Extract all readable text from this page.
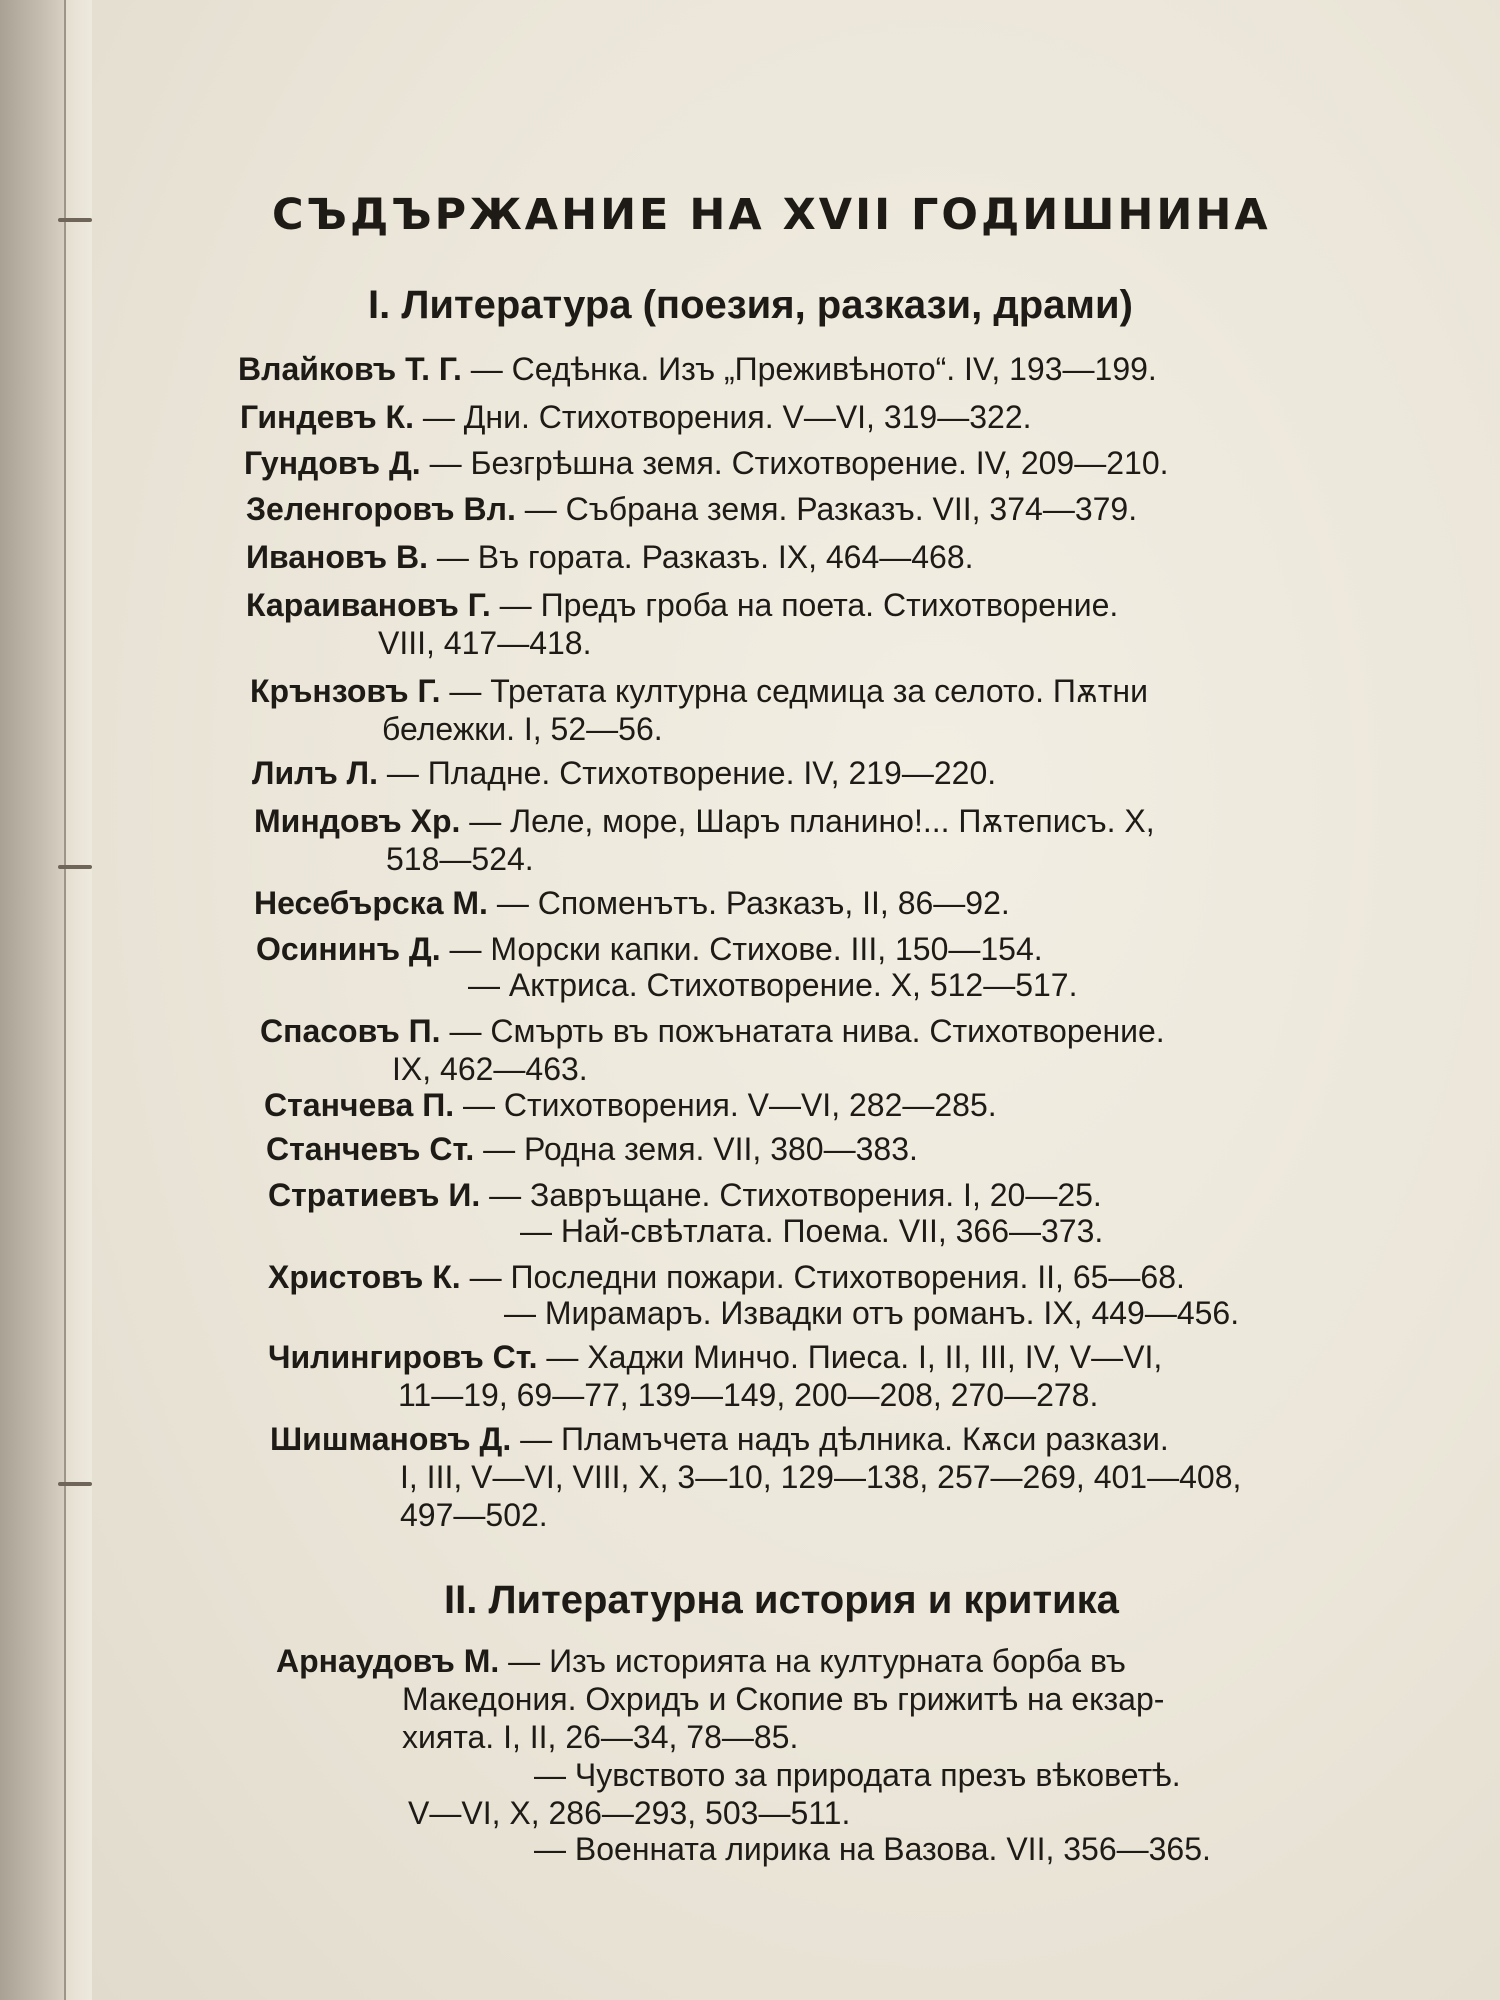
СЪДЪРЖАНИЕ НА XVII ГОДИШНИНА
I. Литература (поезия, разкази, драми)
Влайковъ Т. Г. — Седѣнка. Изъ „Преживѣното“. IV, 193—199.
Гиндевъ К. — Дни. Стихотворения. V—VI, 319—322.
Гундовъ Д. — Безгрѣшна земя. Стихотворение. IV, 209—210.
Зеленгоровъ Вл. — Събрана земя. Разказъ. VII, 374—379.
Ивановъ В. — Въ гората. Разказъ. IX, 464—468.
Караивановъ Г. — Предъ гроба на поета. Стихотворение.
VIII, 417—418.
Крънзовъ Г. — Третата културна седмица за селото. Пѫтни
бележки. I, 52—56.
Лилъ Л. — Пладне. Стихотворение. IV, 219—220.
Миндовъ Хр. — Леле, море, Шаръ планино!... Пѫтеписъ. X,
518—524.
Несебърска М. — Споменътъ. Разказъ, II, 86—92.
Осининъ Д. — Морски капки. Стихове. III, 150—154.
— Актриса. Стихотворение. X, 512—517.
Спасовъ П. — Смърть въ пожънатата нива. Стихотворение.
IX, 462—463.
Станчева П. — Стихотворения. V—VI, 282—285.
Станчевъ Ст. — Родна земя. VII, 380—383.
Стратиевъ И. — Завръщане. Стихотворения. I, 20—25.
— Най-свѣтлата. Поема. VII, 366—373.
Христовъ К. — Последни пожари. Стихотворения. II, 65—68.
— Мирамаръ. Извадки отъ романъ. IX, 449—456.
Чилингировъ Ст. — Хаджи Минчо. Пиеса. I, II, III, IV, V—VI,
11—19, 69—77, 139—149, 200—208, 270—278.
Шишмановъ Д. — Пламъчета надъ дѣлника. Кѫси разкази.
I, III, V—VI, VIII, X, 3—10, 129—138, 257—269, 401—408,
497—502.
II. Литературна история и критика
Арнаудовъ М. — Изъ историята на културната борба въ
Македония. Охридъ и Скопие въ грижитѣ на екзар-
хията. I, II, 26—34, 78—85.
— Чувството за природата презъ вѣковетѣ.
V—VI, X, 286—293, 503—511.
— Военната лирика на Вазова. VII, 356—365.
